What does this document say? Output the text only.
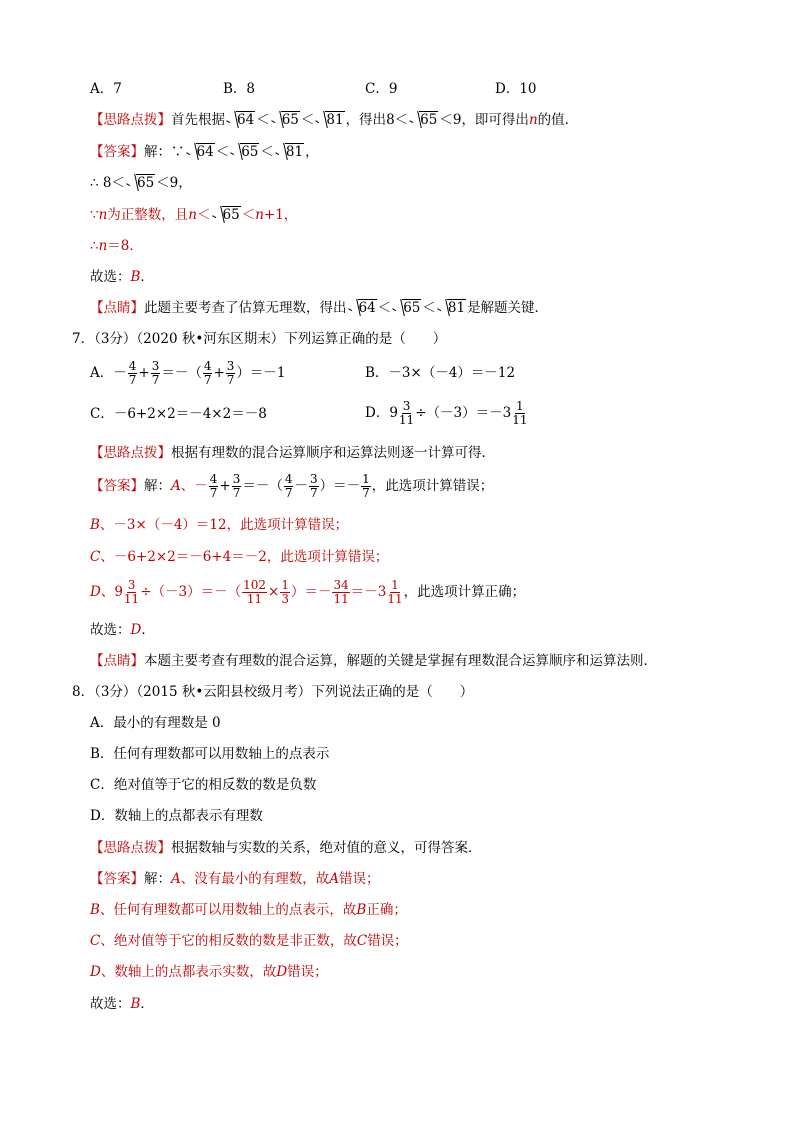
A．7	B．8	C．9	D．10
【思路点拨】首先根据 64 ＜ 65 ＜ 81 ，得出8＜ 65 ＜9，即可得出n的值．
【答案】解：∵ 64 ＜ 65 ＜ 81 ，
∴ 8＜ 65 ＜9，
∵n为正整数，且n＜ 65 ＜n+1，
∴n＝8．
故选：B．
【点睛】此题主要考查了估算无理数，得出 64 ＜ 65 ＜ 81 是解题关键．
7．（3分）（2020 秋•河东区期末）下列运算正确的是（　　）
A．－ $\frac{4}{7} + \frac{3}{7}$ ＝－（ $\frac{4}{7} + \frac{3}{7} )=-1$	B．－3×（－4）＝－12
C．－6+2×2＝－4×2＝－8	D．$9 \frac{3}{11} \div(-3)=-3 \frac{1}{11}$
【思路点拨】根据有理数的混合运算顺序和运算法则逐一计算可得．
【答案】解：A、－ $\frac{4}{7} + \frac{3}{7}$ ＝－（ $\frac{4}{7} - \frac{3}{7}$ ）＝－ $\frac{1}{7}$ ，此选项计算错误；
B、－3×（－4）＝12，此选项计算错误；
C、－6+2×2＝－6+4＝－2，此选项计算错误；
D、$9 \frac{3}{11} \div(-3)=-( \frac{102}{11} \times \frac{1}{3}$ ）＝－ $\frac{34}{11} =-3 \frac{1}{11}$ ，此选项计算正确；
故选：D．
【点睛】本题主要考查有理数的混合运算，解题的关键是掌握有理数混合运算顺序和运算法则．
8．（3分）（2015 秋•云阳县校级月考）下列说法正确的是（　　）
A．最小的有理数是 0
B．任何有理数都可以用数轴上的点表示
C．绝对值等于它的相反数的数是负数
D．数轴上的点都表示有理数
【思路点拨】根据数轴与实数的关系，绝对值的意义，可得答案．
【答案】解：A、没有最小的有理数，故A错误；
B、任何有理数都可以用数轴上的点表示，故B正确；
C、绝对值等于它的相反数的数是非正数，故C错误；
D、数轴上的点都表示实数，故D错误；
故选：B．
